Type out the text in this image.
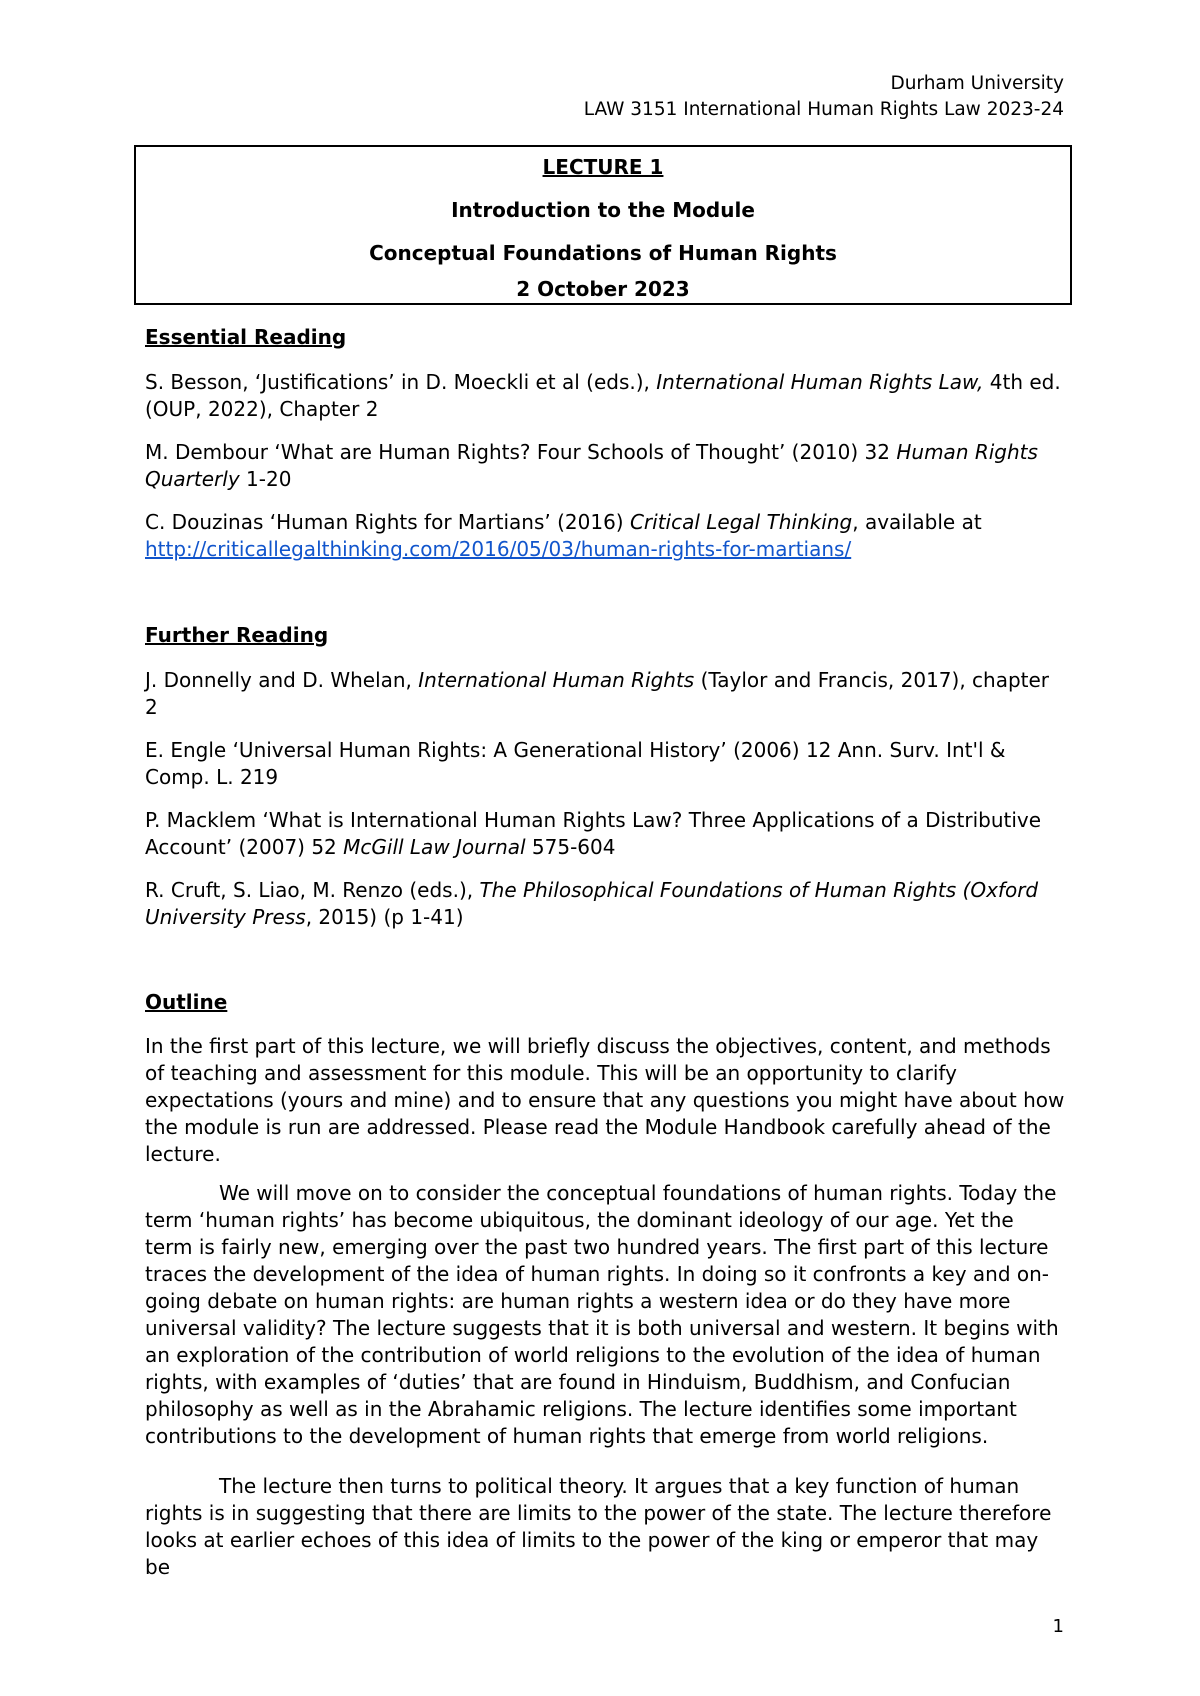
Durham University
LAW 3151 International Human Rights Law 2023-24
LECTURE 1
Introduction to the Module
Conceptual Foundations of Human Rights
2 October 2023
Essential Reading
S. Besson, ‘Justifications’ in D. Moeckli et al (eds.), International Human Rights Law, 4th ed. (OUP, 2022), Chapter 2
M. Dembour ‘What are Human Rights? Four Schools of Thought’ (2010) 32 Human Rights Quarterly 1-20
C. Douzinas ‘Human Rights for Martians’ (2016) Critical Legal Thinking, available at
http://criticallegalthinking.com/2016/05/03/human-rights-for-martians/
Further Reading
J. Donnelly and D. Whelan, International Human Rights (Taylor and Francis, 2017), chapter 2
E. Engle ‘Universal Human Rights: A Generational History’ (2006) 12 Ann. Surv. Int'l & Comp. L. 219
P. Macklem ‘What is International Human Rights Law? Three Applications of a Distributive Account’ (2007) 52 McGill Law Journal 575-604
R. Cruft, S. Liao, M. Renzo (eds.), The Philosophical Foundations of Human Rights (Oxford University Press, 2015) (p 1-41)
Outline
In the first part of this lecture, we will briefly discuss the objectives, content, and methods of teaching and assessment for this module. This will be an opportunity to clarify expectations (yours and mine) and to ensure that any questions you might have about how the module is run are addressed. Please read the Module Handbook carefully ahead of the lecture.
We will move on to consider the conceptual foundations of human rights. Today the term ‘human rights’ has become ubiquitous, the dominant ideology of our age. Yet the term is fairly new, emerging over the past two hundred years. The first part of this lecture traces the development of the idea of human rights. In doing so it confronts a key and on-going debate on human rights: are human rights a western idea or do they have more universal validity? The lecture suggests that it is both universal and western. It begins with an exploration of the contribution of world religions to the evolution of the idea of human rights, with examples of ‘duties’ that are found in Hinduism, Buddhism, and Confucian philosophy as well as in the Abrahamic religions. The lecture identifies some important contributions to the development of human rights that emerge from world religions.
The lecture then turns to political theory. It argues that a key function of human rights is in suggesting that there are limits to the power of the state. The lecture therefore looks at earlier echoes of this idea of limits to the power of the king or emperor that may be
1
